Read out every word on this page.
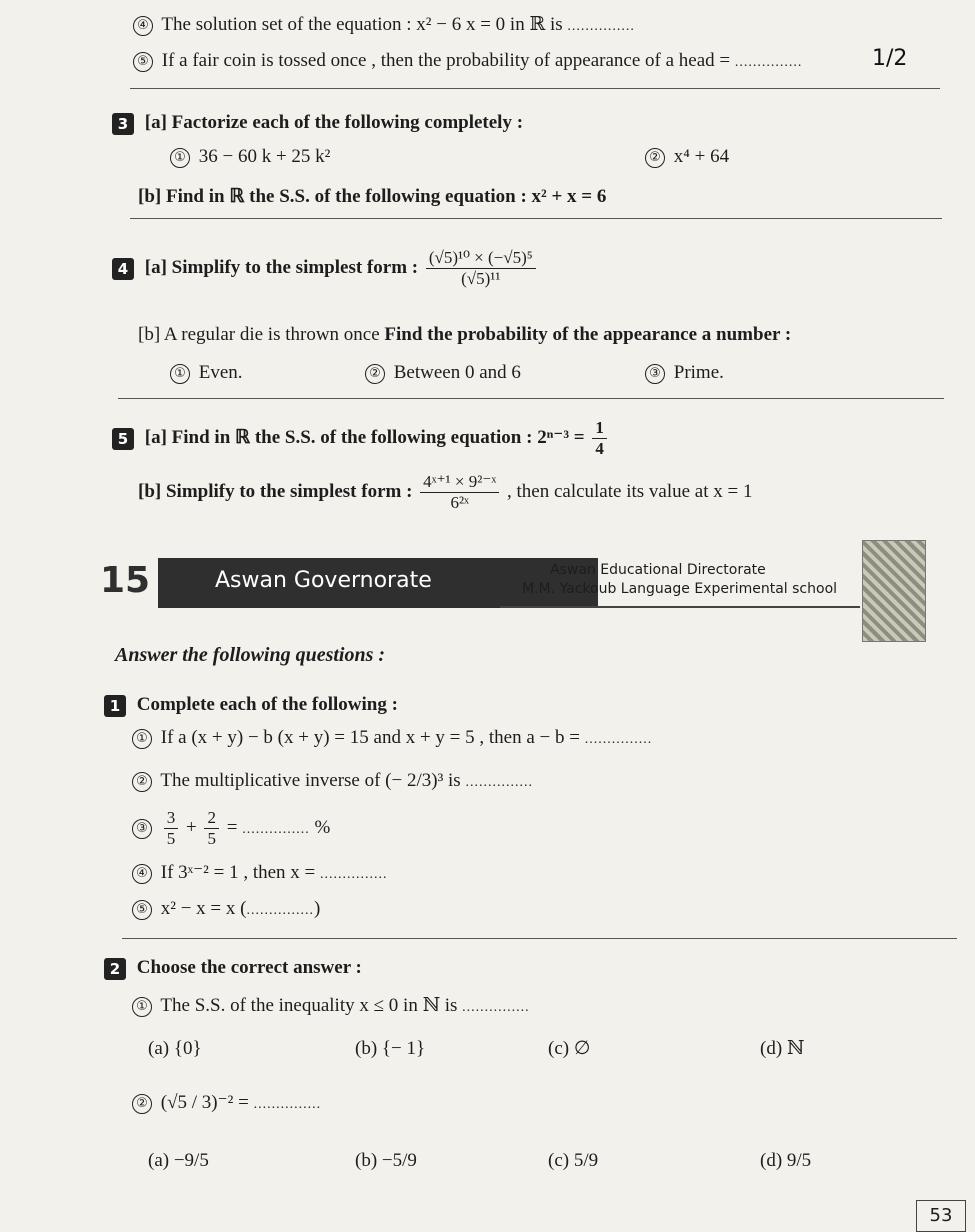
④ The solution set of the equation : x² − 6 x = 0 in ℝ is ...............
⑤ If a fair coin is tossed once , then the probability of appearance of a head = ...............	1/2
3 [a] Factorize each of the following completely :
① 36 − 60 k + 25 k²	② x⁴ + 64
[b] Find in ℝ the S.S. of the following equation : x² + x = 6
4 [a] Simplify to the simplest form : $\frac{\text{(√5)¹⁰ × (−√5)⁵}}{\text{(√5)¹¹}}$
[b] A regular die is thrown once Find the probability of the appearance a number :
① Even.	② Between 0 and 6	③ Prime.
5 [a] Find in ℝ the S.S. of the following equation : $2^{n-3} = \frac{1}{4}$
[b] Simplify to the simplest form : $\frac{\text{4ˣ⁺¹ × 9²⁻ˣ}}{\text{6²ˣ}}$ , then calculate its value at x = 1
15	Aswan Governorate	Aswan Educational Directorate
M.M. Yackoub Language Experimental school
Answer the following questions :
1 Complete each of the following :
① If a (x + y) − b (x + y) = 15 and x + y = 5 , then a − b = ...............
② The multiplicative inverse of (− 2/3)³ is ...............
③ $\frac{3}{5} + \frac{2}{5}$ = ............... %
④ If 3ˣ⁻² = 1 , then x = ...............
⑤ x² − x = x (...............)
2 Choose the correct answer :
① The S.S. of the inequality x ≤ 0 in ℕ is ...............
(a) {0}	(b) {− 1}	(c) ∅	(d) ℕ
② (√5 / 3)⁻² = ...............
(a) −9/5	(b) −5/9	(c) 5/9	(d) 9/5
53
